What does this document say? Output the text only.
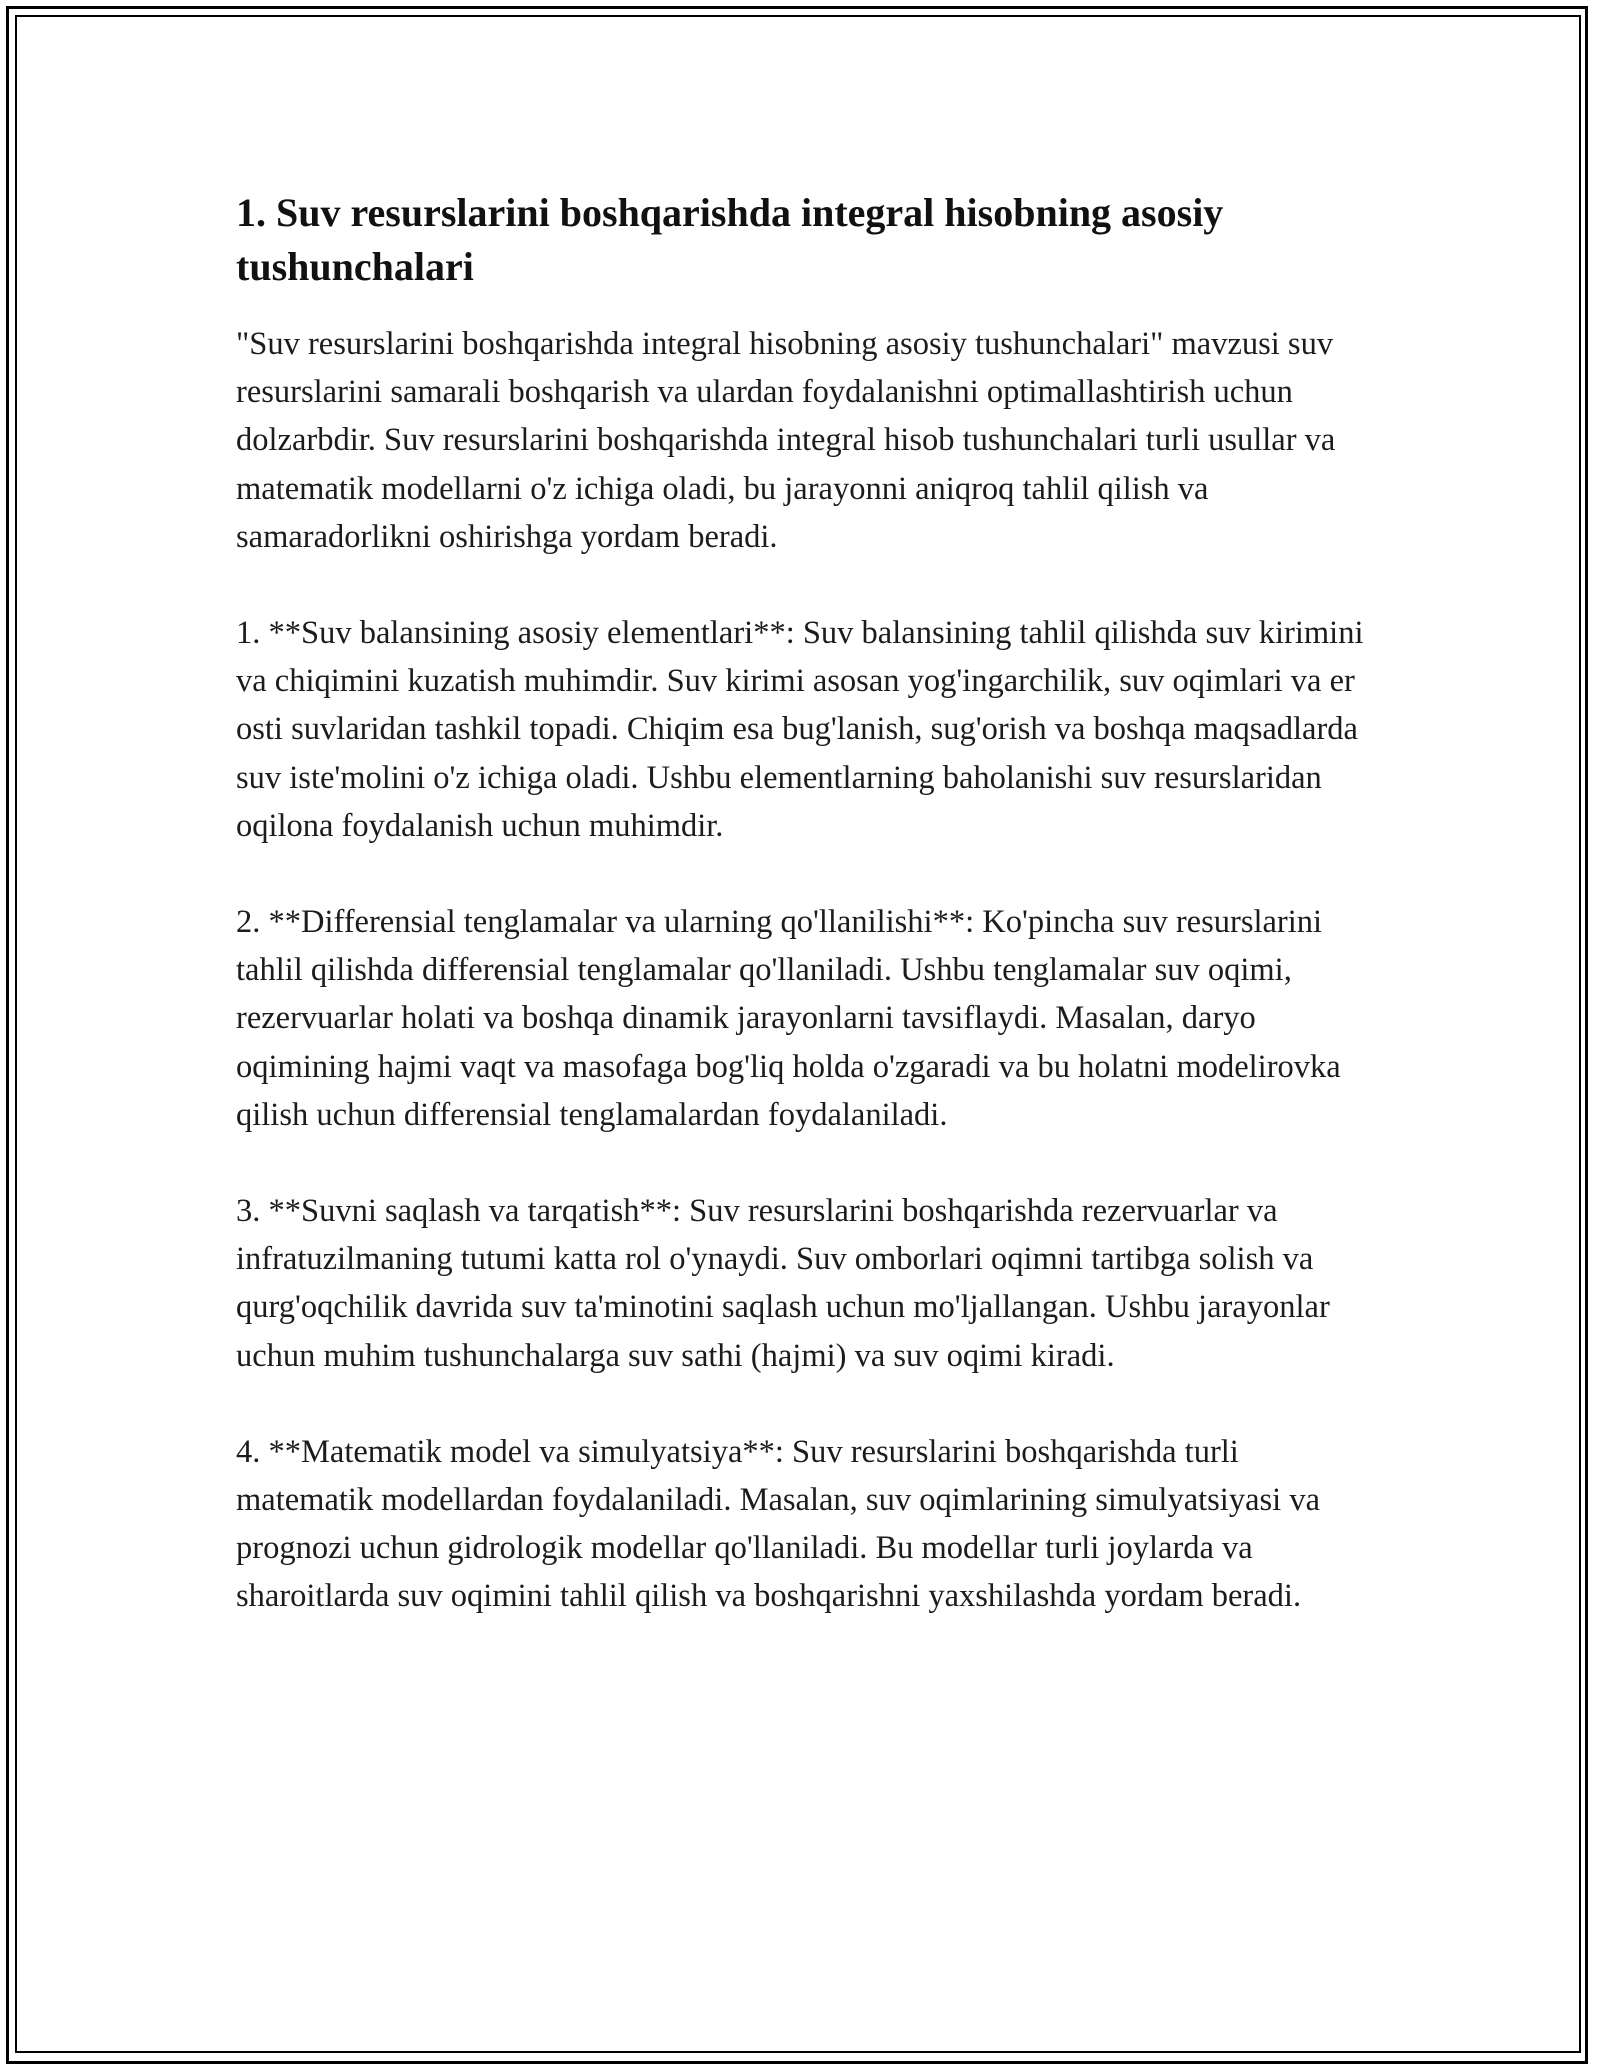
1. Suv resurslarini boshqarishda integral hisobning asosiy tushunchalari

"Suv resurslarini boshqarishda integral hisobning asosiy tushunchalari" mavzusi suv resurslarini samarali boshqarish va ulardan foydalanishni optimallashtirish uchun dolzarbdir. Suv resurslarini boshqarishda integral hisob tushunchalari turli usullar va matematik modellarni o'z ichiga oladi, bu jarayonni aniqroq tahlil qilish va samaradorlikni oshirishga yordam beradi.

1. **Suv balansining asosiy elementlari**: Suv balansining tahlil qilishda suv kirimini va chiqimini kuzatish muhimdir. Suv kirimi asosan yog'ingarchilik, suv oqimlari va er osti suvlaridan tashkil topadi. Chiqim esa bug'lanish, sug'orish va boshqa maqsadlarda suv iste'molini o'z ichiga oladi. Ushbu elementlarning baholanishi suv resurslaridan oqilona foydalanish uchun muhimdir.

2. **Differensial tenglamalar va ularning qo'llanilishi**: Ko'pincha suv resurslarini tahlil qilishda differensial tenglamalar qo'llaniladi. Ushbu tenglamalar suv oqimi, rezervuarlar holati va boshqa dinamik jarayonlarni tavsiflaydi. Masalan, daryo oqimining hajmi vaqt va masofaga bog'liq holda o'zgaradi va bu holatni modelirovka qilish uchun differensial tenglamalardan foydalaniladi.

3. **Suvni saqlash va tarqatish**: Suv resurslarini boshqarishda rezervuarlar va infratuzilmaning tutumi katta rol o'ynaydi. Suv omborlari oqimni tartibga solish va qurg'oqchilik davrida suv ta'minotini saqlash uchun mo'ljallangan. Ushbu jarayonlar uchun muhim tushunchalarga suv sathi (hajmi) va suv oqimi kiradi.

4. **Matematik model va simulyatsiya**: Suv resurslarini boshqarishda turli matematik modellardan foydalaniladi. Masalan, suv oqimlarining simulyatsiyasi va prognozi uchun gidrologik modellar qo'llaniladi. Bu modellar turli joylarda va sharoitlarda suv oqimini tahlil qilish va boshqarishni yaxshilashda yordam beradi.
